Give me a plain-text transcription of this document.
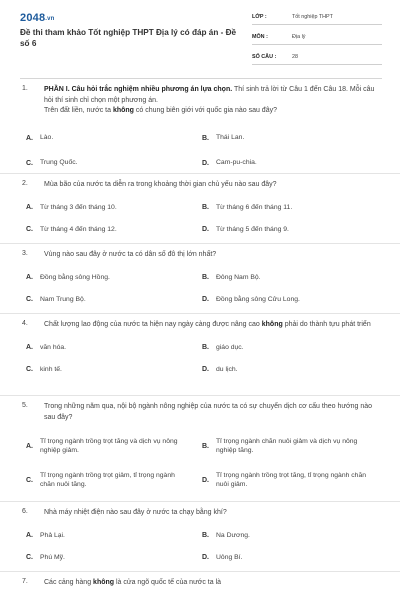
2048.vn
Đề thi tham khảo Tốt nghiệp THPT Địa lý có đáp án - Đề số 6
LỚP :	Tốt nghiệp THPT
MÔN :	Địa lý
SỐ CÂU :	28
1. PHẦN I. Câu hỏi trắc nghiệm nhiều phương án lựa chọn. Thí sinh trả lời từ Câu 1 đến Câu 18. Mỗi câu hỏi thí sinh chỉ chọn một phương án.
Trên đất liền, nước ta không có chung biên giới với quốc gia nào sau đây?
A.	Lào.	B.	Thái Lan.
C.	Trung Quốc.	D.	Cam-pu-chia.
2. Mùa bão của nước ta diễn ra trong khoảng thời gian chủ yếu nào sau đây?
A.	Từ tháng 3 đến tháng 10.	B.	Từ tháng 6 đến tháng 11.
C.	Từ tháng 4 đến tháng 12.	D.	Từ tháng 5 đến tháng 9.
3. Vùng nào sau đây ở nước ta có dân số đô thị lớn nhất?
A.	Đồng bằng sông Hồng.	B.	Đông Nam Bộ.
C.	Nam Trung Bộ.	D.	Đồng bằng sông Cửu Long.
4. Chất lượng lao động của nước ta hiện nay ngày càng được nâng cao không phải do thành tựu phát triển
A.	văn hóa.	B.	giáo dục.
C.	kinh tế.	D.	du lịch.
5. Trong những năm qua, nội bộ ngành nông nghiệp của nước ta có sự chuyển dịch cơ cấu theo hướng nào sau đây?
A.
Tỉ trọng ngành trồng trọt tăng và dịch vụ nông nghiệp giảm.
B.
Tỉ trọng ngành chăn nuôi giảm và dịch vụ nông nghiệp tăng.
C.
Tỉ trọng ngành trồng trọt giảm, tỉ trọng ngành chăn nuôi tăng.
D.
Tỉ trọng ngành trồng trọt tăng, tỉ trọng ngành chăn nuôi giảm.
6. Nhà máy nhiệt điện nào sau đây ở nước ta chạy bằng khí?
A.	Phả Lại.	B.	Na Dương.
C.	Phú Mỹ.	D.	Uông Bí.
7. Các cảng hàng không là cửa ngõ quốc tế của nước ta là
